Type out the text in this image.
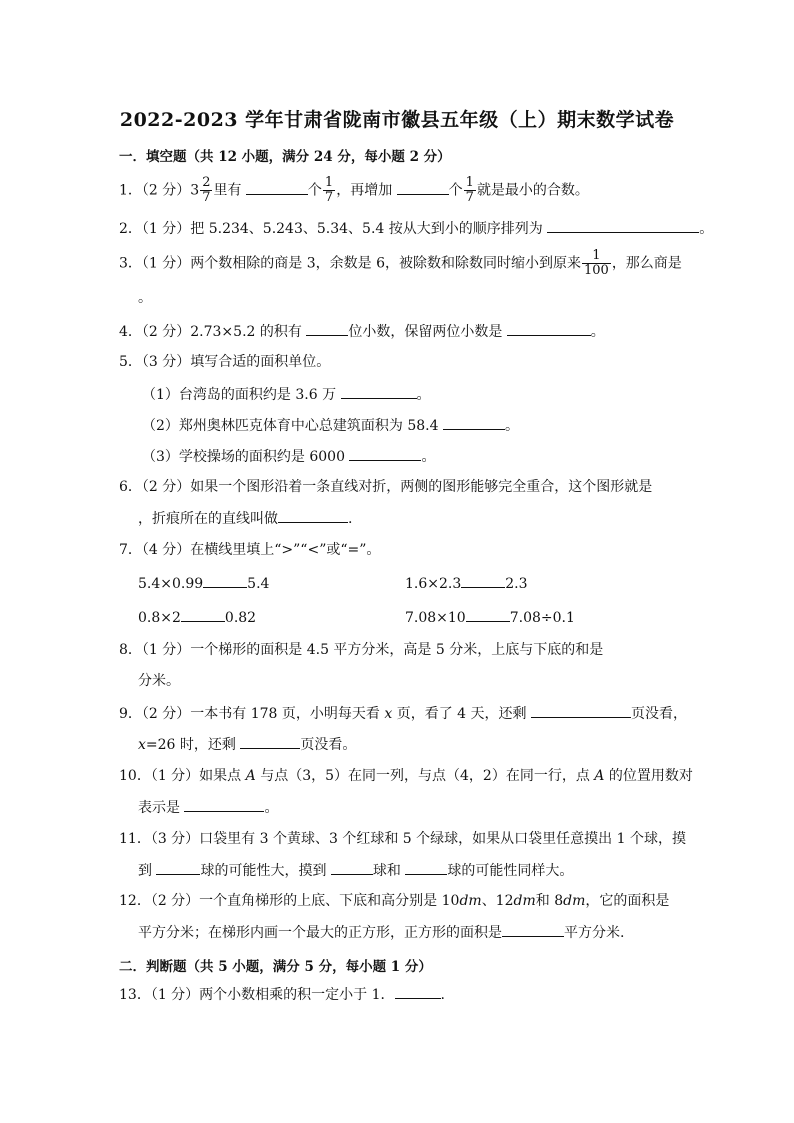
2022-2023 学年甘肃省陇南市徽县五年级（上）期末数学试卷
一．填空题（共 12 小题，满分 24 分，每小题 2 分）
1．（2 分）$3 \frac{2}{7}$ 里有	个 $\frac{1}{7}$ ，再增加	个 $\frac{1}{7}$ 就是最小的合数。
2．（1 分）把 5.234、5.243、5.34、5.4 按从大到小的顺序排列为	。
3．（1 分）两个数相除的商是 3，余数是 6，被除数和除数同时缩小到原来 $\frac{1}{100}$ ，那么商是
。
4．（2 分）2.73×5.2 的积有	位小数，保留两位小数是	。
5．（3 分）填写合适的面积单位。
（1）台湾岛的面积约是 3.6 万	。
（2）郑州奥林匹克体育中心总建筑面积为 58.4	。
（3）学校操场的面积约是 6000	。
6．（2 分）如果一个图形沿着一条直线对折，两侧的图形能够完全重合，这个图形就是
，折痕所在的直线叫做	.
7．（4 分）在横线里填上“>”“<”或“=”。
5.4×0.99	5.4	1.6×2.3	2.3
0.8×2	0.82	7.08×10	7.08÷0.1
8．（1 分）一个梯形的面积是 4.5 平方分米，高是 5 分米，上底与下底的和是
分米。
9．（2 分）一本书有 178 页，小明每天看 x 页，看了 4 天，还剩	页没看，
x=26 时，还剩	页没看。
10．（1 分）如果点 A 与点（3，5）在同一列，与点（4，2）在同一行，点 A 的位置用数对
表示是	。
11．（3 分）口袋里有 3 个黄球、3 个红球和 5 个绿球，如果从口袋里任意摸出 1 个球，摸
到	球的可能性大，摸到	球和	球的可能性同样大。
12．（2 分）一个直角梯形的上底、下底和高分别是 10dm、12dm和 8dm，它的面积是
平方分米；在梯形内画一个最大的正方形，正方形的面积是	平方分米.
二．判断题（共 5 小题，满分 5 分，每小题 1 分）
13．（1 分）两个小数相乘的积一定小于 1．	.
